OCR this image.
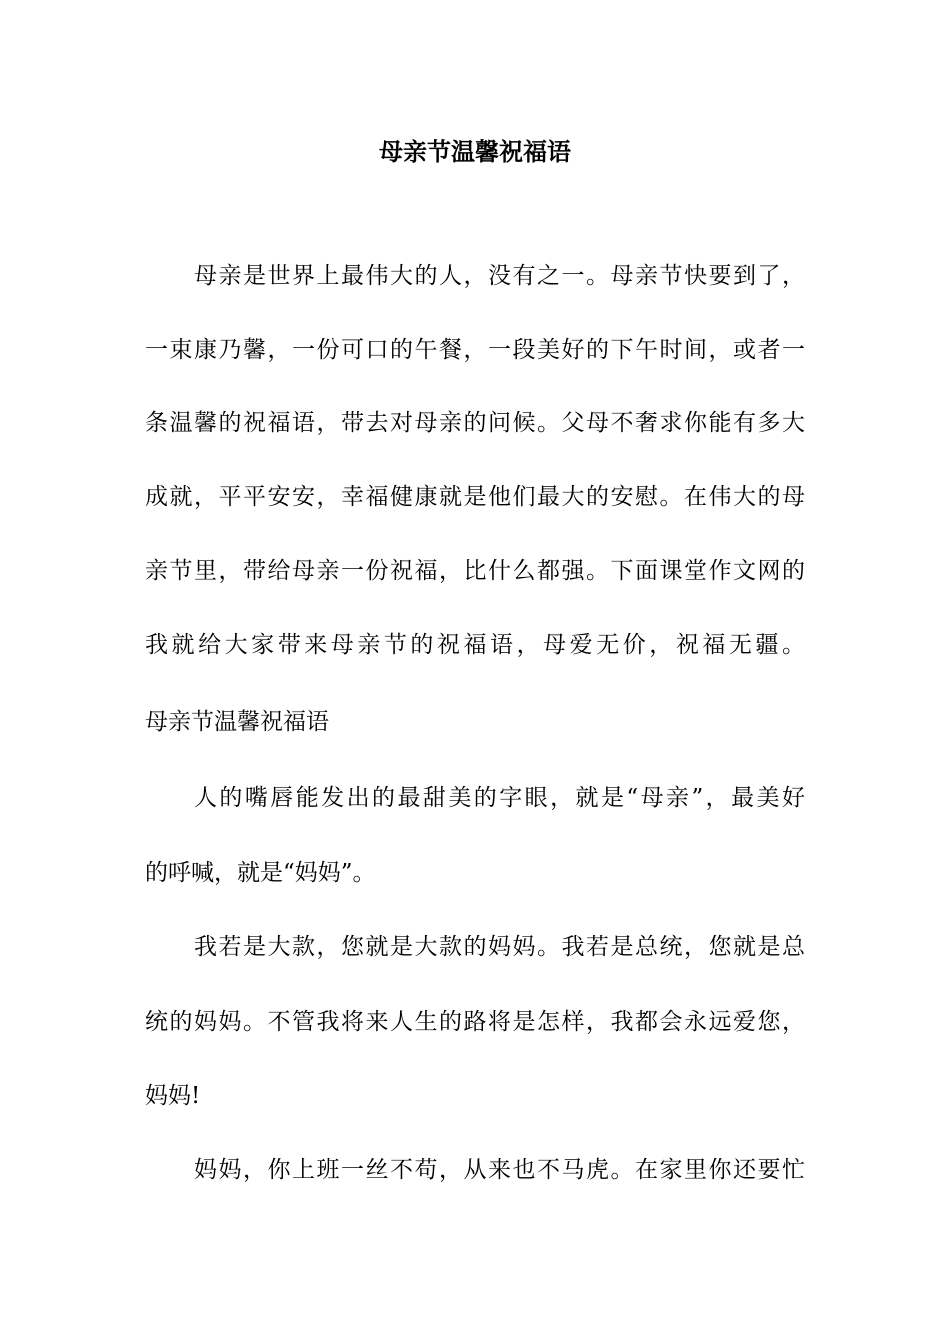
母亲节温馨祝福语
母亲是世界上最伟大的人，没有之一。母亲节快要到了，
一束康乃馨，一份可口的午餐，一段美好的下午时间，或者一
条温馨的祝福语，带去对母亲的问候。父母不奢求你能有多大
成就，平平安安，幸福健康就是他们最大的安慰。在伟大的母
亲节里，带给母亲一份祝福，比什么都强。下面课堂作文网的
我就给大家带来母亲节的祝福语，母爱无价，祝福无疆。
母亲节温馨祝福语
人的嘴唇能发出的最甜美的字眼，就是“母亲”，最美好
的呼喊，就是“妈妈”。
我若是大款，您就是大款的妈妈。我若是总统，您就是总
统的妈妈。不管我将来人生的路将是怎样，我都会永远爱您，
妈妈!
妈妈，你上班一丝不苟，从来也不马虎。在家里你还要忙
